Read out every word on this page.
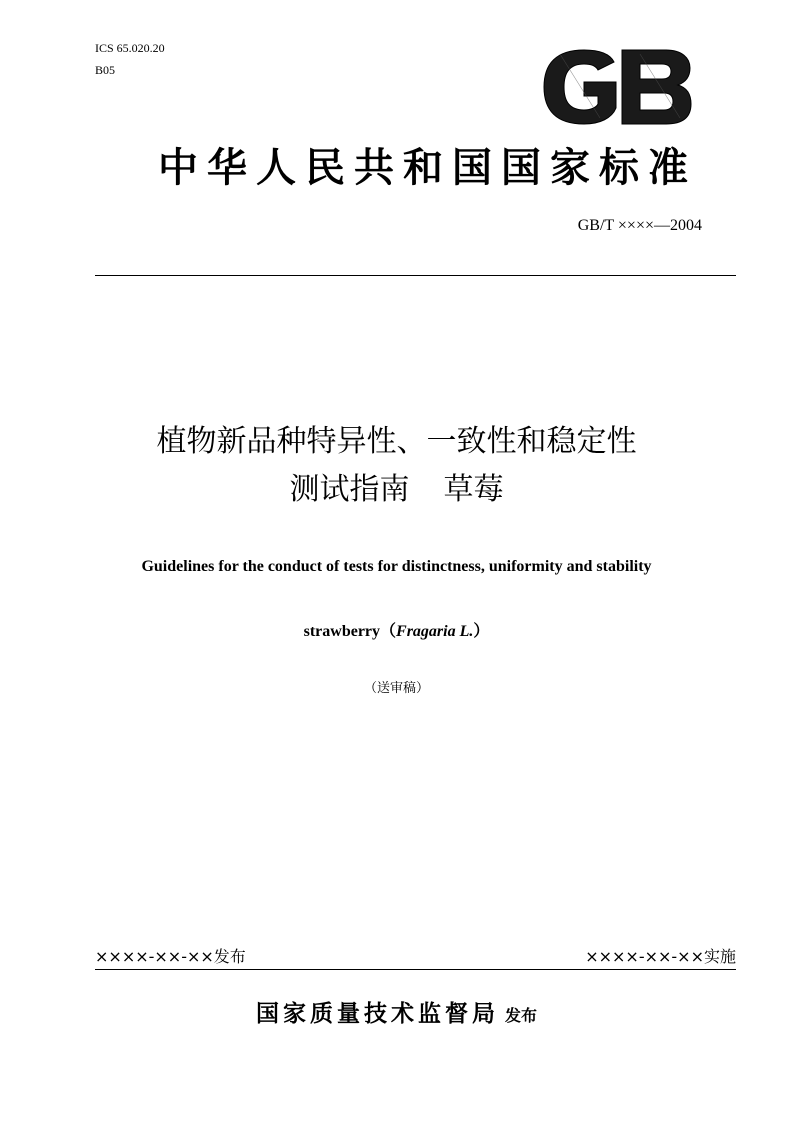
ICS 65.020.20
B05
中华人民共和国国家标准
GB/T ××××—2004
植物新品种特异性、一致性和稳定性
测试指南 草莓
Guidelines for the conduct of tests for distinctness, uniformity and stability
strawberry（Fragaria L.）
（送审稿）
××××-××-××发布	××××-××-××实施
国家质量技术监督局 发布
